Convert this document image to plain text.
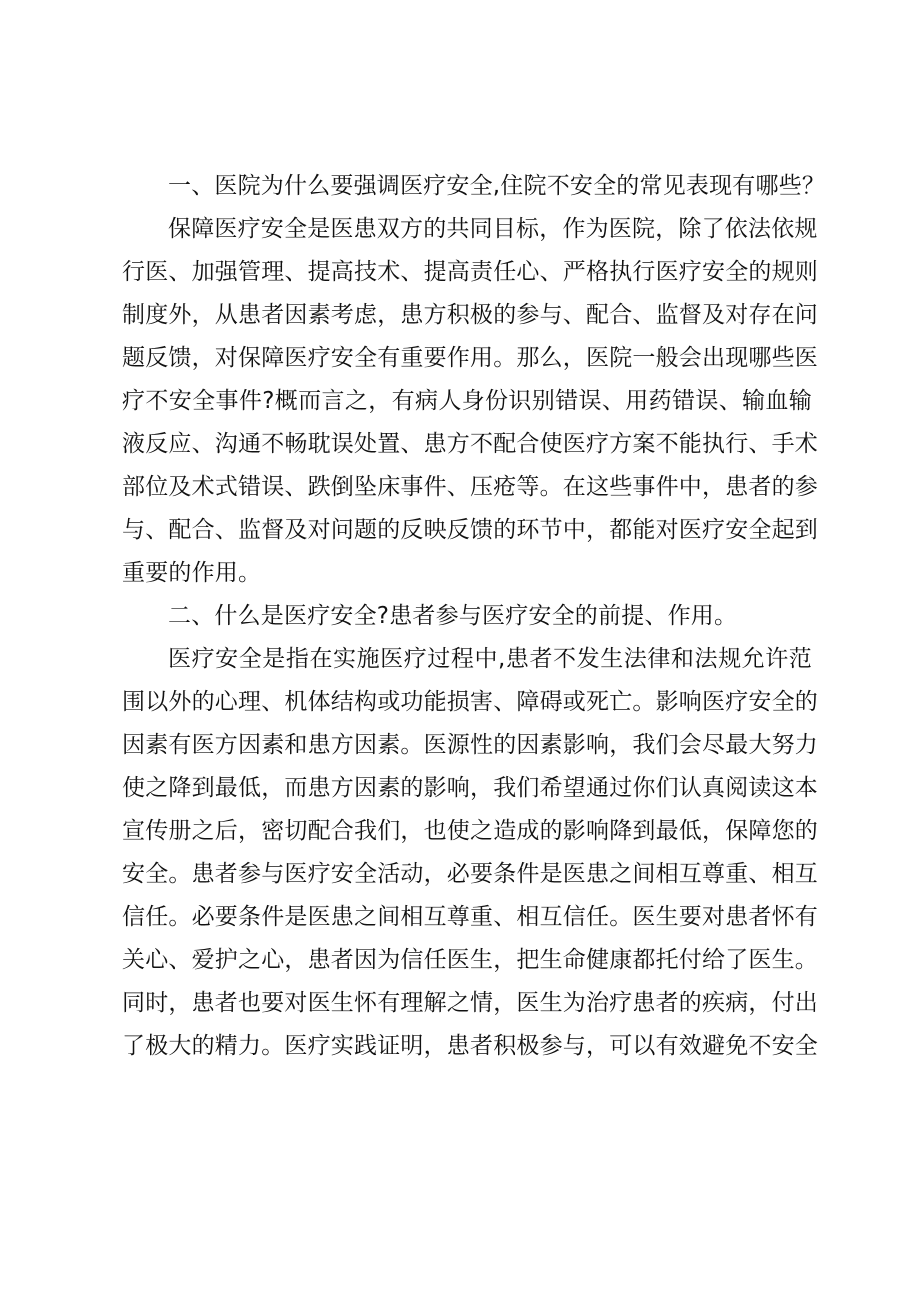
一、医院为什么要强调医疗安全,住院不安全的常见表现有哪些？
保障医疗安全是医患双方的共同目标，作为医院，除了依法依规
行医、加强管理、提高技术、提高责任心、严格执行医疗安全的规则
制度外，从患者因素考虑，患方积极的参与、配合、监督及对存在问
题反馈，对保障医疗安全有重要作用。那么，医院一般会出现哪些医
疗不安全事件?概而言之，有病人身份识别错误、用药错误、输血输
液反应、沟通不畅耽误处置、患方不配合使医疗方案不能执行、手术
部位及术式错误、跌倒坠床事件、压疮等。在这些事件中，患者的参
与、配合、监督及对问题的反映反馈的环节中，都能对医疗安全起到
重要的作用。
二、什么是医疗安全?患者参与医疗安全的前提、作用。
医疗安全是指在实施医疗过程中,患者不发生法律和法规允许范
围以外的心理、机体结构或功能损害、障碍或死亡。影响医疗安全的
因素有医方因素和患方因素。医源性的因素影响，我们会尽最大努力
使之降到最低，而患方因素的影响，我们希望通过你们认真阅读这本
宣传册之后，密切配合我们，也使之造成的影响降到最低，保障您的
安全。患者参与医疗安全活动，必要条件是医患之间相互尊重、相互
信任。必要条件是医患之间相互尊重、相互信任。医生要对患者怀有
关心、爱护之心，患者因为信任医生，把生命健康都托付给了医生。
同时，患者也要对医生怀有理解之情，医生为治疗患者的疾病，付出
了极大的精力。医疗实践证明，患者积极参与，可以有效避免不安全
